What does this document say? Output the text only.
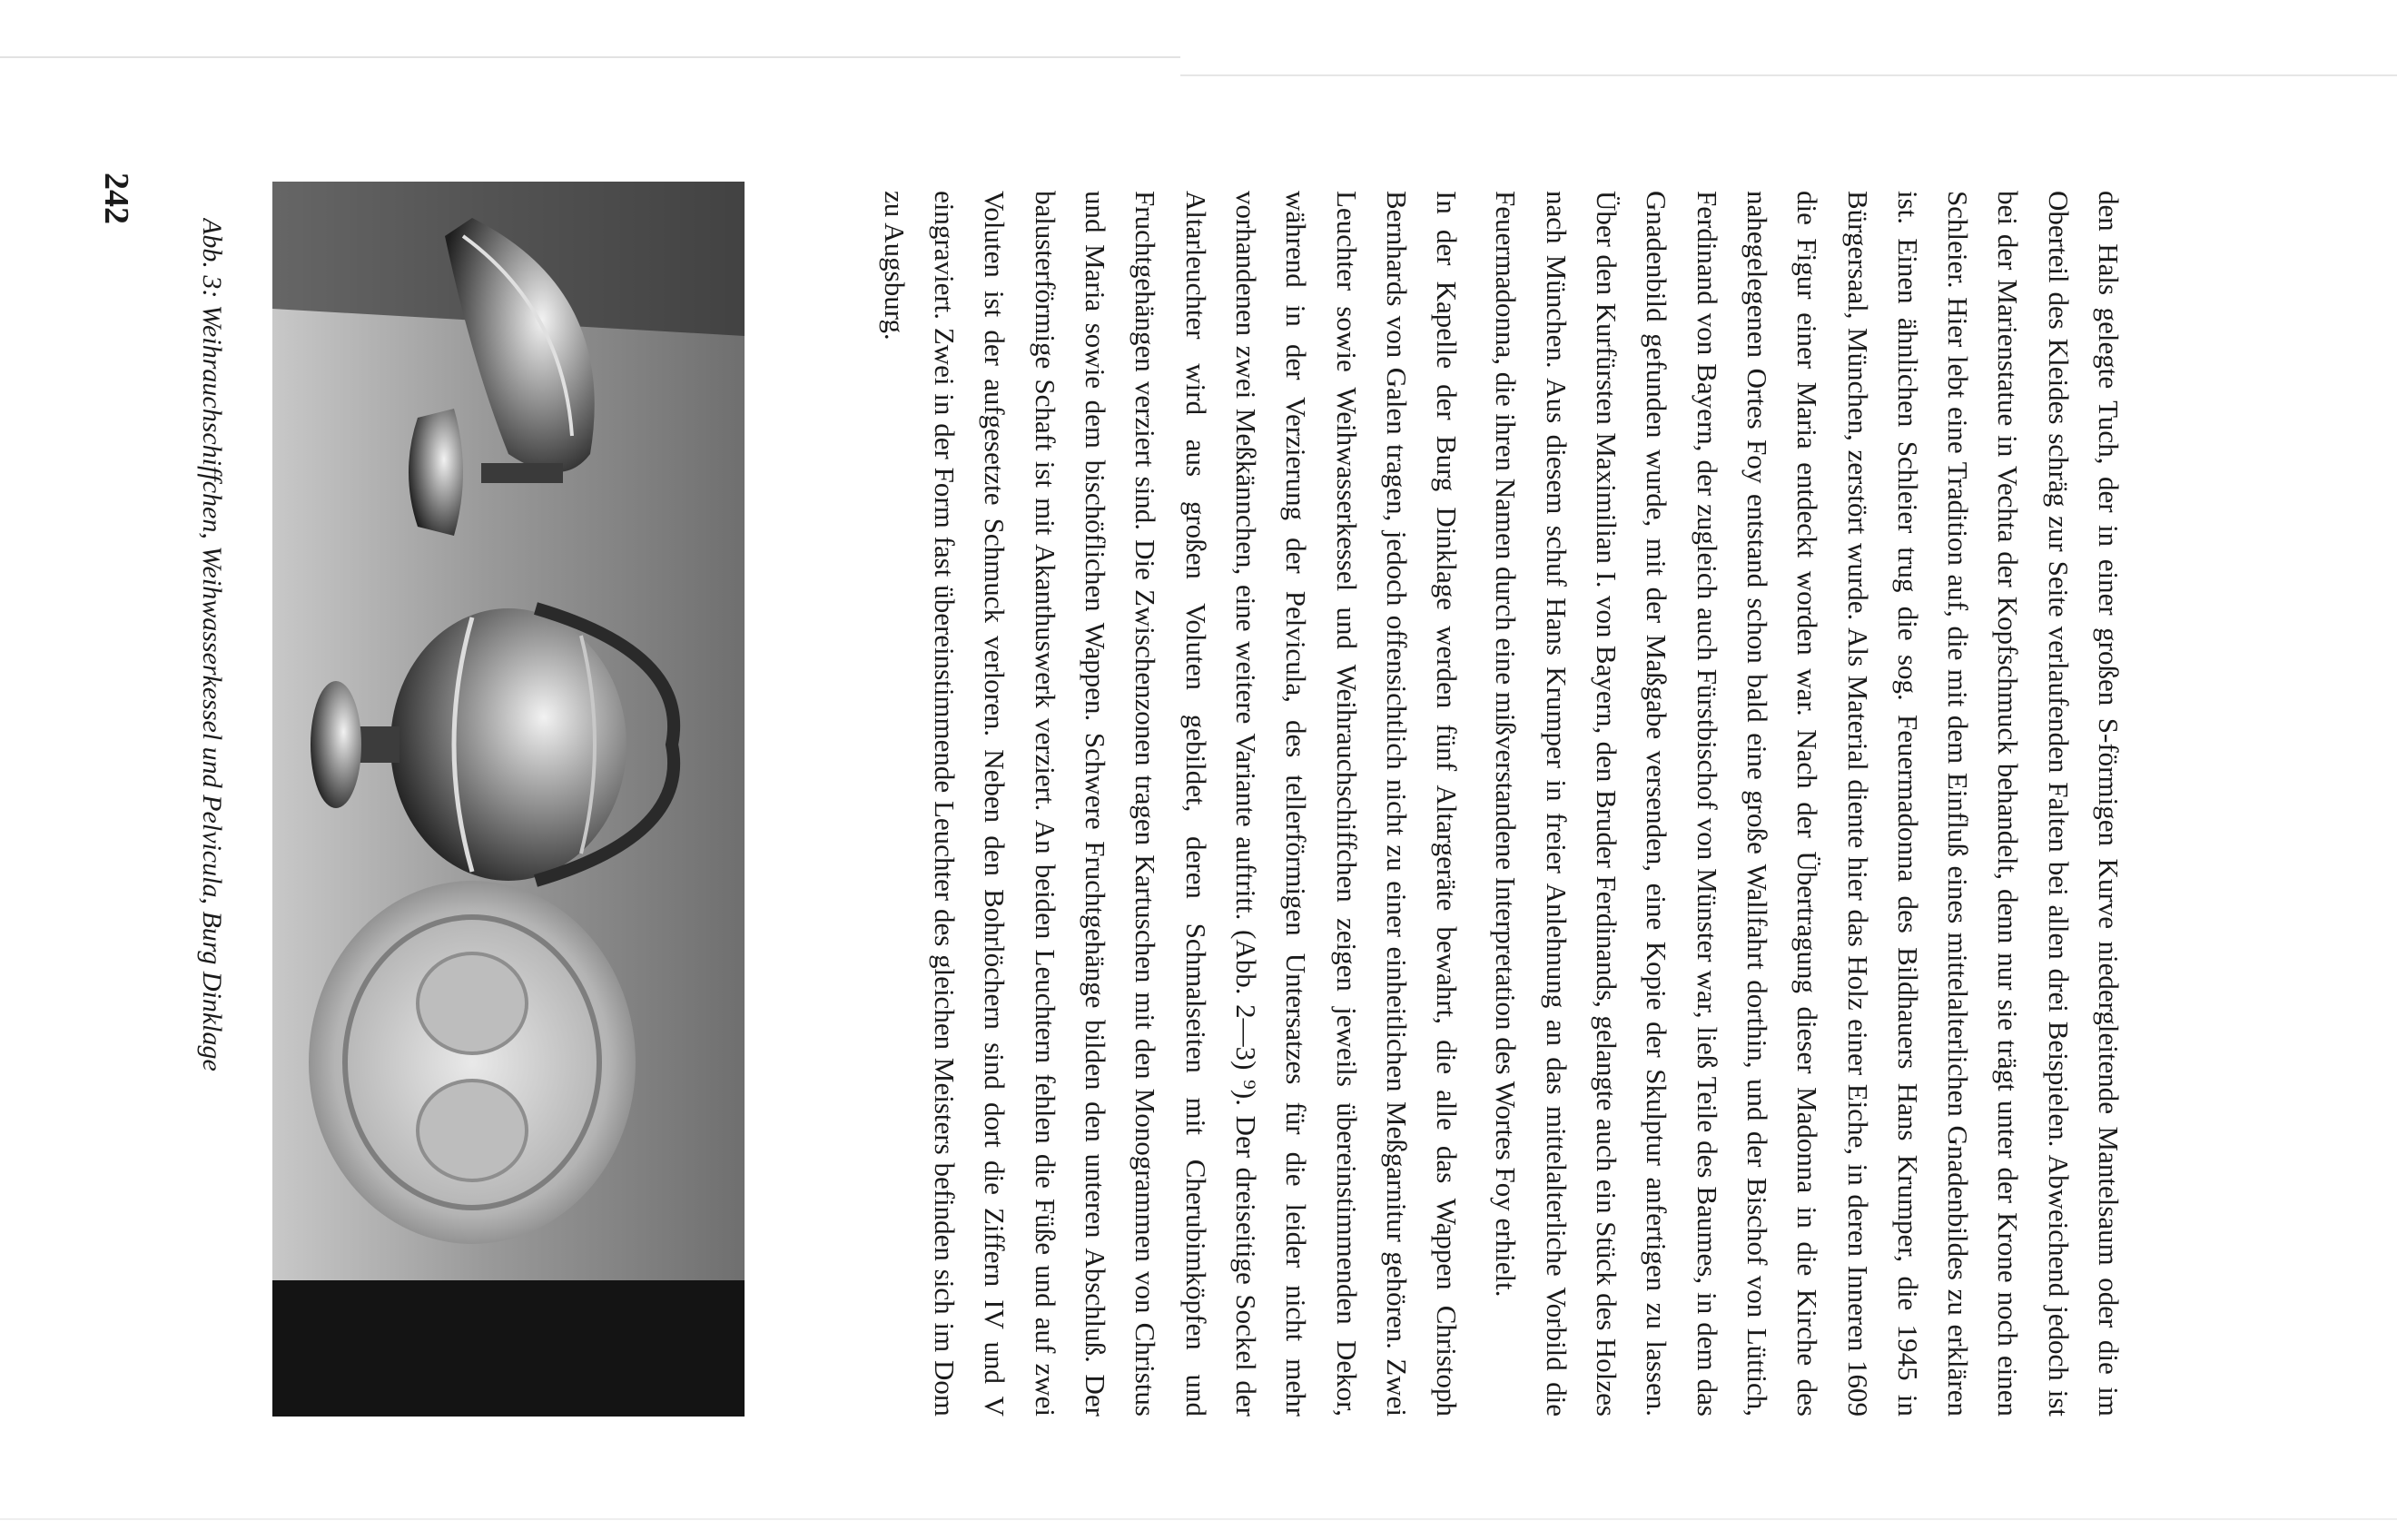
den Hals gelegte Tuch, der in einer großen S-förmigen Kurve niedergleitende Mantelsaum oder die im Oberteil des Kleides schräg zur Seite verlaufenden Falten bei allen drei Beispielen. Abweichend jedoch ist bei der Marienstatue in Vechta der Kopfschmuck behandelt, denn nur sie trägt unter der Krone noch einen Schleier. Hier lebt eine Tradition auf, die mit dem Einfluß eines mittelalterlichen Gnadenbildes zu erklären ist. Einen ähnlichen Schleier trug die sog. Feuermadonna des Bildhauers Hans Krumper, die 1945 in Bürgersaal, München, zerstört wurde. Als Material diente hier das Holz einer Eiche, in deren Inneren 1609 die Figur einer Maria entdeckt worden war. Nach der Übertragung dieser Madonna in die Kirche des nahegelegenen Ortes Foy entstand schon bald eine große Wallfahrt dorthin, und der Bischof von Lüttich, Ferdinand von Bayern, der zugleich auch Fürstbischof von Münster war, ließ Teile des Baumes, in dem das Gnadenbild gefunden wurde, mit der Maßgabe versenden, eine Kopie der Skulptur anfertigen zu lassen. Über den Kurfürsten Maximilian I. von Bayern, den Bruder Ferdinands, gelangte auch ein Stück des Holzes nach München. Aus diesem schuf Hans Krumper in freier Anlehnung an das mittelalterliche Vorbild die Feuermadonna, die ihren Namen durch eine mißverstandene Interpretation des Wortes Foy erhielt.

In der Kapelle der Burg Dinklage werden fünf Altargeräte bewahrt, die alle das Wappen Christoph Bernhards von Galen tragen, jedoch offensichtlich nicht zu einer einheitlichen Meßgarnitur gehören. Zwei Leuchter sowie Weihwasserkessel und Weihrauchschiffchen zeigen jeweils übereinstimmenden Dekor, während in der Verzierung der Pelvicula, des tellerförmigen Untersatzes für die leider nicht mehr vorhandenen zwei Meßkännchen, eine weitere Variante auftritt. (Abb. 2—3) ⁹). Der dreiseitige Sockel der Altarleuchter wird aus großen Voluten gebildet, deren Schmalseiten mit Cherubimköpfen und Fruchtgehängen verziert sind. Die Zwischenzonen tragen Kartuschen mit den Monogrammen von Christus und Maria sowie dem bischöflichen Wappen. Schwere Fruchtgehänge bilden den unteren Abschluß. Der balusterförmige Schaft ist mit Akanthuswerk verziert. An beiden Leuchtern fehlen die Füße und auf zwei Voluten ist der aufgesetzte Schmuck verloren. Neben den Bohrlöchern sind dort die Ziffern IV und V eingraviert. Zwei in der Form fast übereinstimmende Leuchter des gleichen Meisters befinden sich im Dom zu Augsburg.

Abb. 3: Weihrauchschiffchen, Weihwasserkessel und Pelvicula, Burg Dinklage
242
